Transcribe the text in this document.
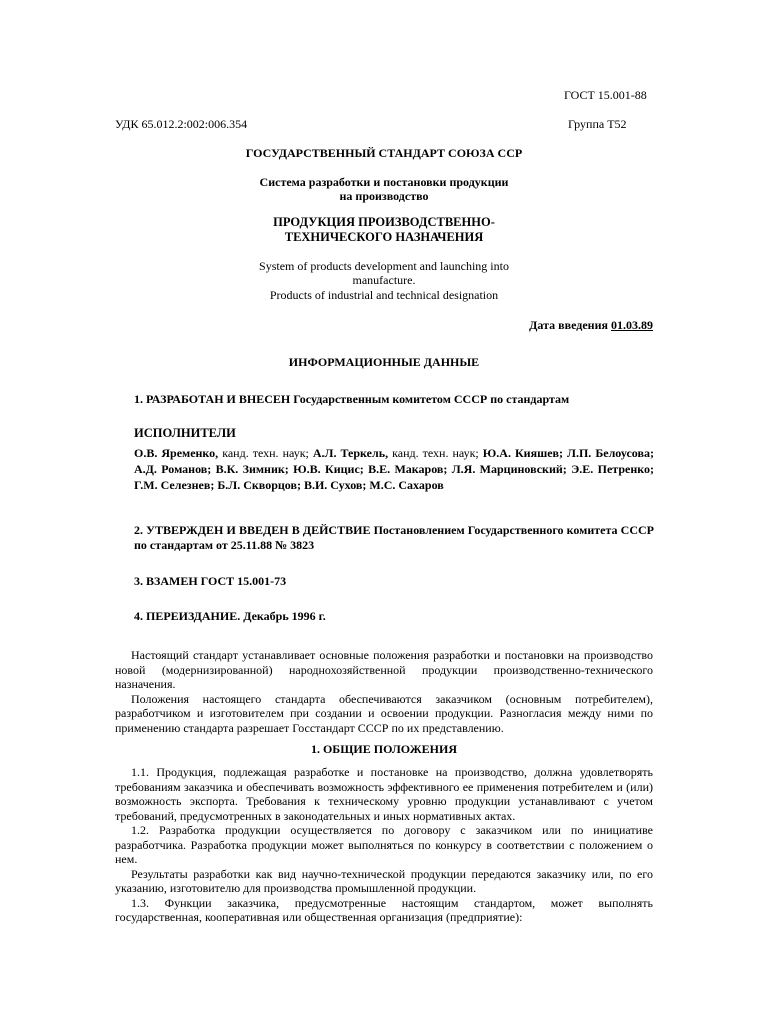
ГОСТ 15.001-88
УДК 65.012.2:002:006.354	Группа Т52
ГОСУДАРСТВЕННЫЙ СТАНДАРТ СОЮЗА ССР
Система разработки и постановки продукции
на производство
ПРОДУКЦИЯ ПРОИЗВОДСТВЕННО-
ТЕХНИЧЕСКОГО НАЗНАЧЕНИЯ
System of products development and launching into
manufacture.
Products of industrial and technical designation
Дата введения 01.03.89
ИНФОРМАЦИОННЫЕ ДАННЫЕ
1. РАЗРАБОТАН И ВНЕСЕН Государственным комитетом СССР по стандартам
ИСПОЛНИТЕЛИ
О.В. Яременко, канд. техн. наук; А.Л. Теркель, канд. техн. наук; Ю.А. Кияшев; Л.П. Белоусова; А.Д. Романов; В.К. Зимник; Ю.В. Кицис; В.Е. Макаров; Л.Я. Марциновский; Э.Е. Петренко; Г.М. Селезнев; Б.Л. Скворцов; В.И. Сухов; М.С. Сахаров
2. УТВЕРЖДЕН И ВВЕДЕН В ДЕЙСТВИЕ Постановлением Государственного комитета СССР по стандартам от 25.11.88 № 3823
3. ВЗАМЕН ГОСТ 15.001-73
4. ПЕРЕИЗДАНИЕ. Декабрь 1996 г.

Настоящий стандарт устанавливает основные положения разработки и постановки на производство новой (модернизированной) народнохозяйственной продукции производственно-технического назначения.

Положения настоящего стандарта обеспечиваются заказчиком (основным потребителем), разработчиком и изготовителем при создании и освоении продукции. Разногласия между ними по применению стандарта разрешает Госстандарт СССР по их представлению.

1. ОБЩИЕ ПОЛОЖЕНИЯ

1.1. Продукция, подлежащая разработке и постановке на производство, должна удовлетворять требованиям заказчика и обеспечивать возможность эффективного ее применения потребителем и (или) возможность экспорта. Требования к техническому уровню продукции устанавливают с учетом требований, предусмотренных в законодательных и иных нормативных актах.

1.2. Разработка продукции осуществляется по договору с заказчиком или по инициативе разработчика. Разработка продукции может выполняться по конкурсу в соответствии с положением о нем.

Результаты разработки как вид научно-технической продукции передаются заказчику или, по его указанию, изготовителю для производства промышленной продукции.

1.3. Функции заказчика, предусмотренные настоящим стандартом, может выполнять государственная, кооперативная или общественная организация (предприятие):
